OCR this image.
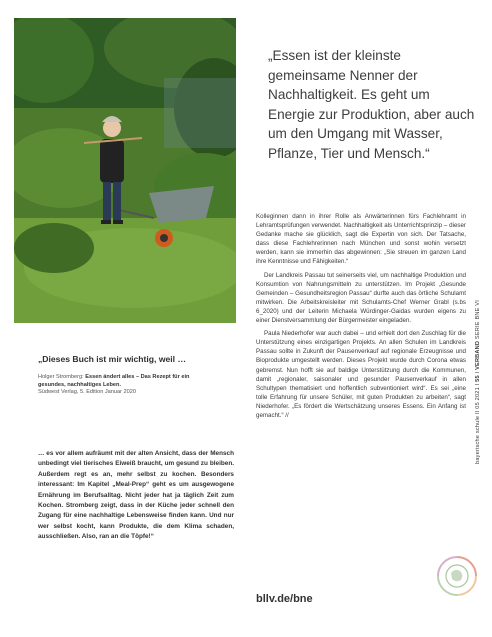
„Essen ist der kleinste gemeinsame Nenner der Nachhaltigkeit. Es geht um Energie zur Produktion, aber auch um den Umgang mit Wasser, Pflanze, Tier und Mensch.“

Kolleginnen dann in ihrer Rolle als Anwärterinnen fürs Fachlehramt in Lehramtsprüfungen verwendet. Nachhaltigkeit als Unterrichtsprinzip – dieser Gedanke mache sie glücklich, sagt die Expertin von sich. Der Tatsache, dass diese Fachlehrerinnen nach München und sonst wohin versetzt werden, kann sie immerhin das abgewinnen: „Sie streuen im ganzen Land ihre Kenntnisse und Fähigkeiten.“

Der Landkreis Passau tut seinerseits viel, um nachhaltige Produktion und Konsumtion von Nahrungsmitteln zu unterstützen. Im Projekt „Gesunde Gemeinden – Gesundheitsregion Passau“ durfte auch das örtliche Schulamt mitwirken. Die Arbeitskreisleiter mit Schulamts-Chef Werner Grabl (s.bs 6_2020) und der Leiterin Michaela Würdinger-Gaidas wurden eigens zu einer Dienstversammlung der Bürgermeister eingeladen.

Paula Niederhofer war auch dabei – und erhielt dort den Zuschlag für die Unterstützung eines einzigartigen Projekts. An allen Schulen im Landkreis Passau sollte in Zukunft der Pausenverkauf auf regionale Erzeugnisse und Bioprodukte umgestellt werden. Dieses Projekt wurde durch Corona etwas gebremst. Nun hofft sie auf baldige Unterstützung durch die Kommunen, damit „regionaler, saisonaler und gesunder Pausenverkauf in allen Schultypen thematisiert und hoffentlich subventioniert wird“. Es sei „eine tolle Erfahrung für unsere Schüler, mit guten Produkten zu arbeiten“, sagt Niederhofer. „Es fördert die Wertschätzung unseres Essens. Ein Anfang ist gemacht.“ //

bayerische schule II 05 2021 I 55 I VERBAND SERIE BNE VI

„Dieses Buch ist mir wichtig, weil …

Holger Stromberg: Essen ändert alles – Das Rezept für ein gesundes, nachhaltiges Leben.
Südwest Verlag, 5. Edition Januar 2020
… es vor allem aufräumt mit der alten Ansicht, dass der Mensch unbedingt viel tierisches Eiweiß braucht, um gesund zu bleiben. Außerdem regt es an, mehr selbst zu kochen. Besonders interessant: Im Kapitel „Meal-Prep“ geht es um ausgewogene Ernährung im Berufsalltag. Nicht jeder hat ja täglich Zeit zum Kochen. Stromberg zeigt, dass in der Küche jeder schnell den Zugang für eine nachhaltige Lebensweise finden kann. Und nur wer selbst kocht, kann Produkte, die dem Klima schaden, ausschließen. Also, ran an die Töpfe!“
bllv.de/bne
